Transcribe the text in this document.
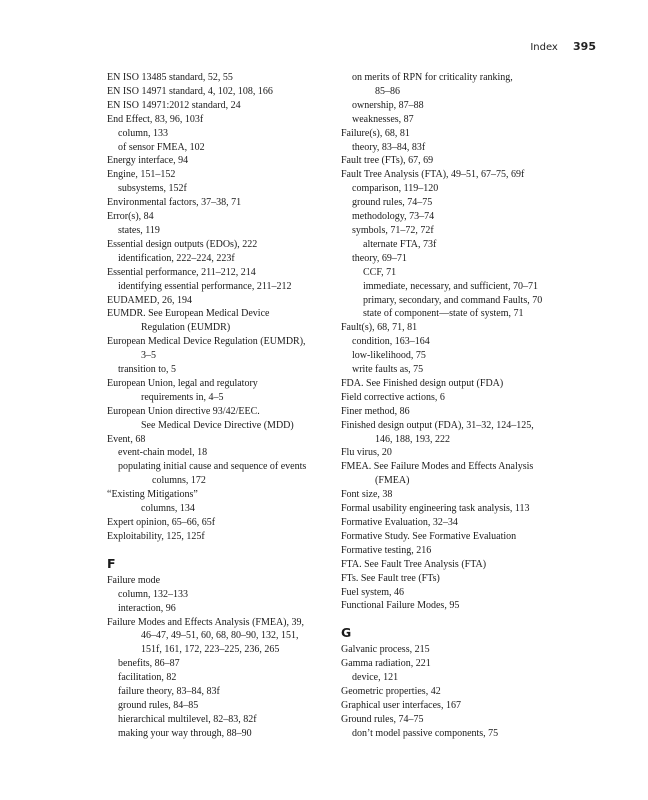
Index 395
EN ISO 13485 standard, 52, 55
EN ISO 14971 standard, 4, 102, 108, 166
EN ISO 14971:2012 standard, 24
End Effect, 83, 96, 103f
column, 133
of sensor FMEA, 102
Energy interface, 94
Engine, 151–152
subsystems, 152f
Environmental factors, 37–38, 71
Error(s), 84
states, 119
Essential design outputs (EDOs), 222
identification, 222–224, 223f
Essential performance, 211–212, 214
identifying essential performance, 211–212
EUDAMED, 26, 194
EUMDR. See European Medical Device
Regulation (EUMDR)
European Medical Device Regulation (EUMDR),
3–5
transition to, 5
European Union, legal and regulatory
requirements in, 4–5
European Union directive 93/42/EEC.
See Medical Device Directive (MDD)
Event, 68
event-chain model, 18
populating initial cause and sequence of events
columns, 172
“Existing Mitigations”
columns, 134
Expert opinion, 65–66, 65f
Exploitability, 125, 125f
F
Failure mode
column, 132–133
interaction, 96
Failure Modes and Effects Analysis (FMEA), 39,
46–47, 49–51, 60, 68, 80–90, 132, 151,
151f, 161, 172, 223–225, 236, 265
benefits, 86–87
facilitation, 82
failure theory, 83–84, 83f
ground rules, 84–85
hierarchical multilevel, 82–83, 82f
making your way through, 88–90
on merits of RPN for criticality ranking,
85–86
ownership, 87–88
weaknesses, 87
Failure(s), 68, 81
theory, 83–84, 83f
Fault tree (FTs), 67, 69
Fault Tree Analysis (FTA), 49–51, 67–75, 69f
comparison, 119–120
ground rules, 74–75
methodology, 73–74
symbols, 71–72, 72f
alternate FTA, 73f
theory, 69–71
CCF, 71
immediate, necessary, and sufficient, 70–71
primary, secondary, and command Faults, 70
state of component—state of system, 71
Fault(s), 68, 71, 81
condition, 163–164
low-likelihood, 75
write faults as, 75
FDA. See Finished design output (FDA)
Field corrective actions, 6
Finer method, 86
Finished design output (FDA), 31–32, 124–125,
146, 188, 193, 222
Flu virus, 20
FMEA. See Failure Modes and Effects Analysis
(FMEA)
Font size, 38
Formal usability engineering task analysis, 113
Formative Evaluation, 32–34
Formative Study. See Formative Evaluation
Formative testing, 216
FTA. See Fault Tree Analysis (FTA)
FTs. See Fault tree (FTs)
Fuel system, 46
Functional Failure Modes, 95
G
Galvanic process, 215
Gamma radiation, 221
device, 121
Geometric properties, 42
Graphical user interfaces, 167
Ground rules, 74–75
don’t model passive components, 75
